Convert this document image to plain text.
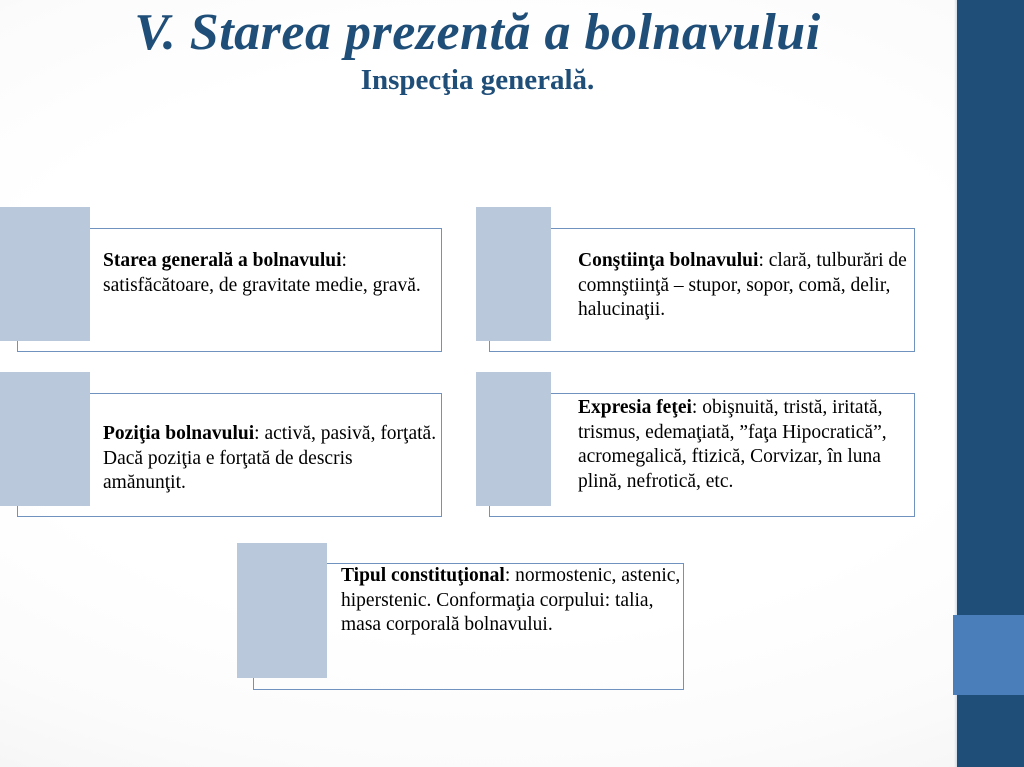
V. Starea prezentă a bolnavului
Inspecţia generală.
Starea generală a bolnavului: satisfăcătoare, de gravitate medie, gravă.
Conştiinţa bolnavului: clară, tulburări de comnştiinţă – stupor, sopor, comă, delir, halucinaţii.
Poziţia bolnavului: activă, pasivă, forţată. Dacă poziţia e forţată de descris amănunţit.
Expresia feţei: obişnuită, tristă, iritată, trismus, edemaţiată, ”faţa Hipocratică”, acromegalică, ftizică, Corvizar, în luna plină, nefrotică, etc.
Tipul constituţional: normostenic, astenic, hiperstenic. Conformaţia corpului: talia, masa corporală bolnavului.
